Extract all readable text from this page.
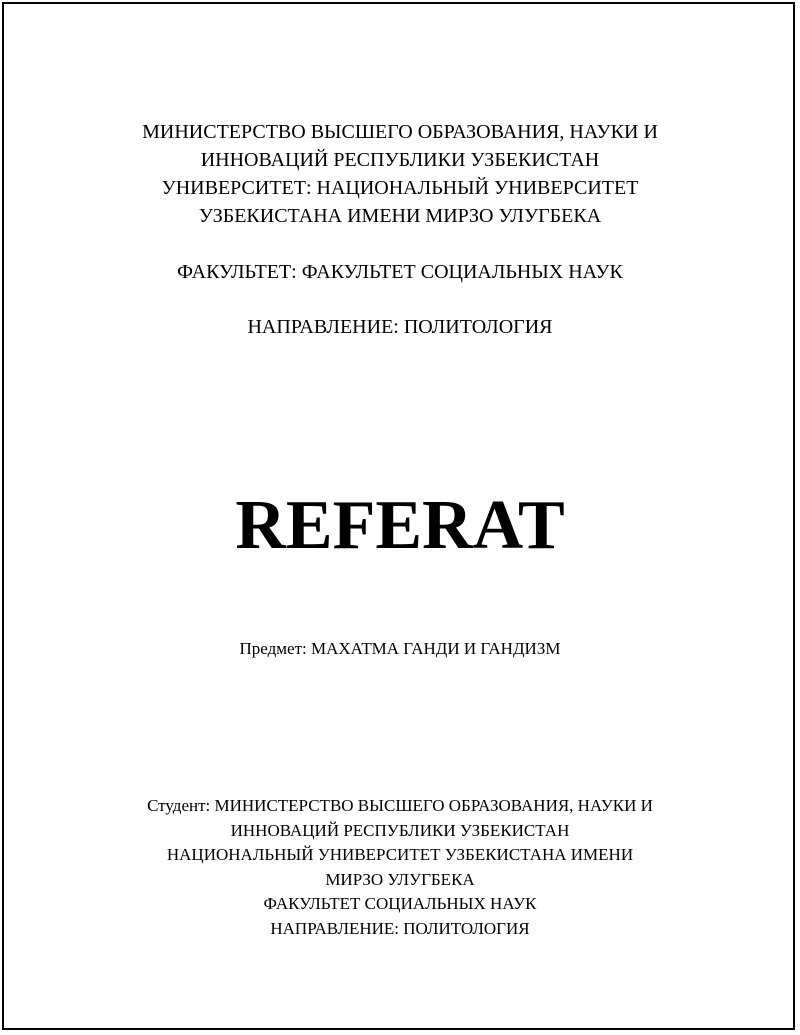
МИНИСТЕРСТВО ВЫСШЕГО ОБРАЗОВАНИЯ, НАУКИ И
ИННОВАЦИЙ РЕСПУБЛИКИ УЗБЕКИСТАН
УНИВЕРСИТЕТ: НАЦИОНАЛЬНЫЙ УНИВЕРСИТЕТ
УЗБЕКИСТАНА ИМЕНИ МИРЗО УЛУГБЕКА
ФАКУЛЬТЕТ: ФАКУЛЬТЕТ СОЦИАЛЬНЫХ НАУК
НАПРАВЛЕНИЕ: ПОЛИТОЛОГИЯ
REFERAT
Предмет: МАХАТМА ГАНДИ И ГАНДИЗМ
Студент: МИНИСТЕРСТВО ВЫСШЕГО ОБРАЗОВАНИЯ, НАУКИ И
ИННОВАЦИЙ РЕСПУБЛИКИ УЗБЕКИСТАН
НАЦИОНАЛЬНЫЙ УНИВЕРСИТЕТ УЗБЕКИСТАНА ИМЕНИ
МИРЗО УЛУГБЕКА
ФАКУЛЬТЕТ СОЦИАЛЬНЫХ НАУК
НАПРАВЛЕНИЕ: ПОЛИТОЛОГИЯ
